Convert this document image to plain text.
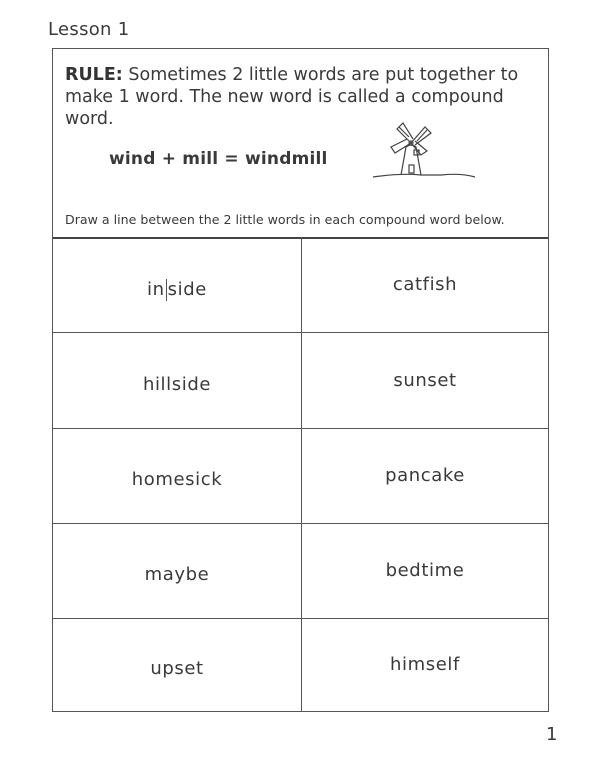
Lesson 1
RULE: Sometimes 2 little words are put together to make 1 word. The new word is called a compound word.
wind + mill = windmill
Draw a line between the 2 little words in each compound word below.
in side	catfish
hillside	sunset
homesick	pancake
maybe	bedtime
upset	himself
1
